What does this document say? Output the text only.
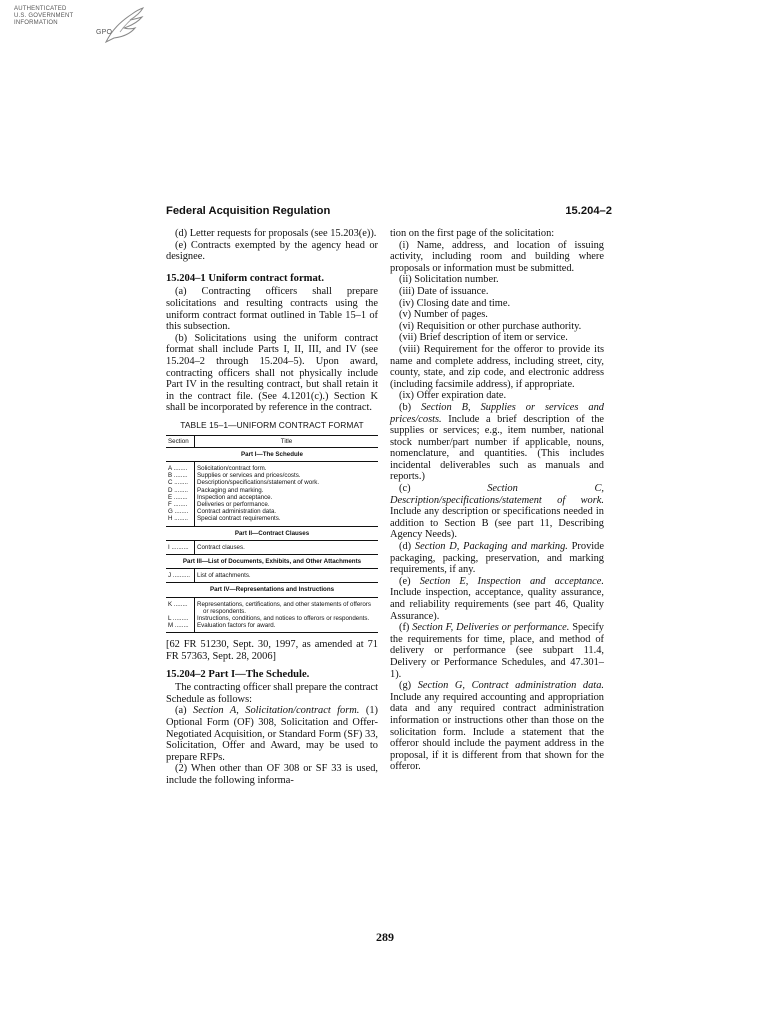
AUTHENTICATED
U.S. GOVERNMENT
INFORMATION
GPO
Federal Acquisition Regulation	15.204–2

(d) Letter requests for proposals (see 15.203(e)).

(e) Contracts exempted by the agency head or designee.

15.204–1 Uniform contract format.

(a) Contracting officers shall prepare solicitations and resulting contracts using the uniform contract format outlined in Table 15–1 of this subsection.

(b) Solicitations using the uniform contract format shall include Parts I, II, III, and IV (see 15.204–2 through 15.204–5). Upon award, contracting officers shall not physically include Part IV in the resulting contract, but shall retain it in the contract file. (See 4.1201(c).) Section K shall be incorporated by reference in the contract.

TABLE 15–1—UNIFORM CONTRACT FORMAT
Section	Title
Part I—The Schedule	
A ........	Solicitation/contract form.
B ........	Supplies or services and prices/costs.
C ........	Description/specifications/statement of work.
D ........	Packaging and marking.
E ........	Inspection and acceptance.
F ........	Deliveries or performance.
G ........	Contract administration data.
H ........	Special contract requirements.
Part II—Contract Clauses	
I ..........	Contract clauses.
Part III—List of Documents, Exhibits, and Other Attachments	
J ..........	List of attachments.
Part IV—Representations and Instructions	
K ........	Representations, certifications, and other statements of offerors or respondents.

L .........	Instructions, conditions, and notices to offerors or respondents.

M ........	Evaluation factors for award.

[62 FR 51230, Sept. 30, 1997, as amended at 71 FR 57363, Sept. 28, 2006]

15.204–2 Part I—The Schedule.

The contracting officer shall prepare the contract Schedule as follows:

(a) Section A, Solicitation/contract form. (1) Optional Form (OF) 308, Solicitation and Offer-Negotiated Acquisition, or Standard Form (SF) 33, Solicitation, Offer and Award, may be used to prepare RFPs.

(2) When other than OF 308 or SF 33 is used, include the following informa-

tion on the first page of the solicitation:

(i) Name, address, and location of issuing activity, including room and building where proposals or information must be submitted.

(ii) Solicitation number.

(iii) Date of issuance.

(iv) Closing date and time.

(v) Number of pages.

(vi) Requisition or other purchase authority.

(vii) Brief description of item or service.

(viii) Requirement for the offeror to provide its name and complete address, including street, city, county, state, and zip code, and electronic address (including facsimile address), if appropriate.

(ix) Offer expiration date.

(b) Section B, Supplies or services and prices/costs. Include a brief description of the supplies or services; e.g., item number, national stock number/part number if applicable, nouns, nomenclature, and quantities. (This includes incidental deliverables such as manuals and reports.)

(c)	Section C, Description/specifications/statement of work. Include any description or specifications needed in addition to Section B (see part 11, Describing Agency Needs).

(d) Section D, Packaging and marking. Provide packaging, packing, preservation, and marking requirements, if any.

(e) Section E, Inspection and acceptance. Include inspection, acceptance, quality assurance, and reliability requirements (see part 46, Quality Assurance).

(f) Section F, Deliveries or performance. Specify the requirements for time, place, and method of delivery or performance (see subpart 11.4, Delivery or Performance Schedules, and 47.301–1).

(g) Section G, Contract administration data. Include any required accounting and appropriation data and any required contract administration information or instructions other than those on the solicitation form. Include a statement that the offeror should include the payment address in the proposal, if it is different from that shown for the offeror.

289
